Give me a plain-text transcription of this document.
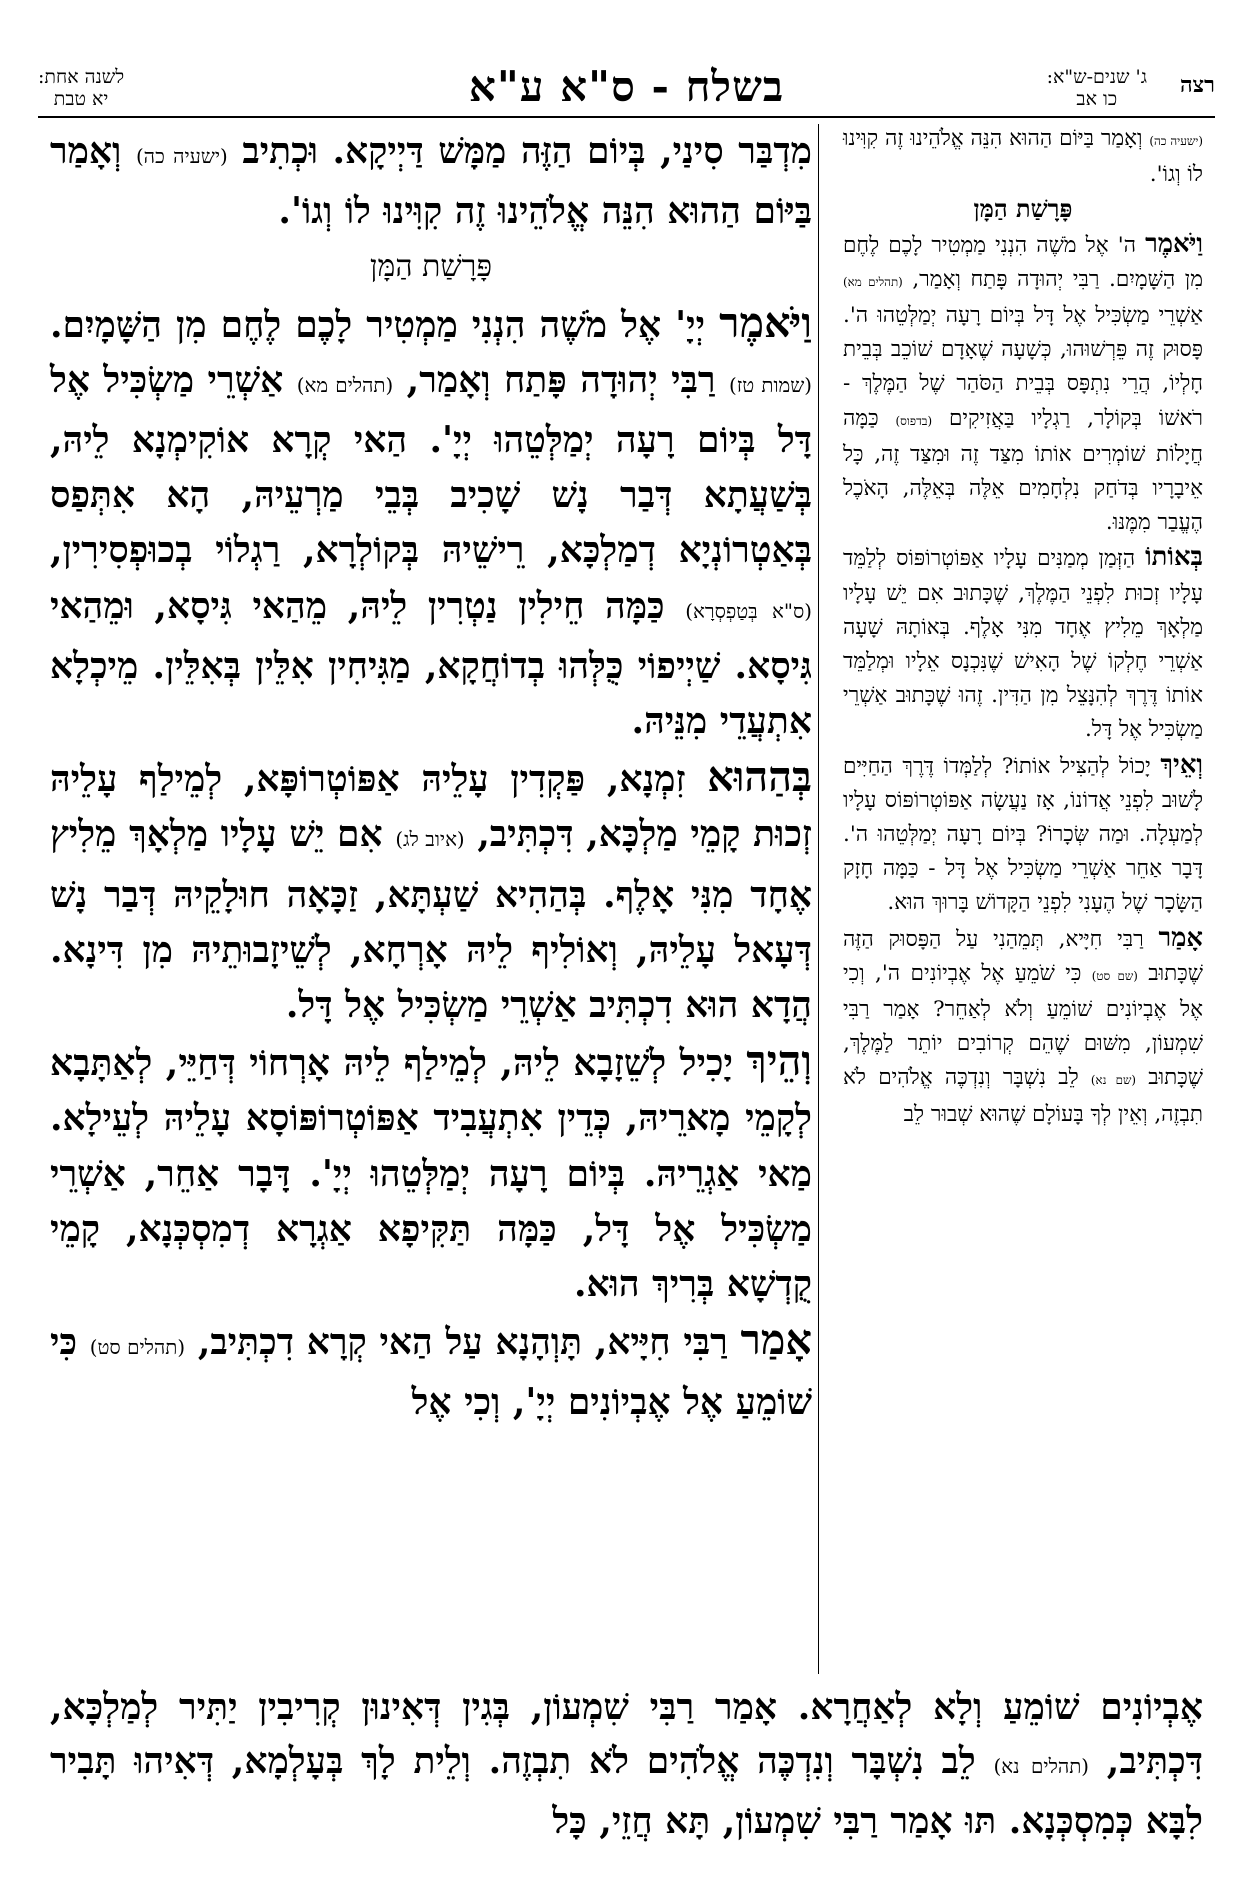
רצה
ג' שנים-ש"א:
כו אב
בשלח - ס"א ע"א
לשנה אחת:
יא טבת

(ישעיה כה) וְאָמַר בַּיּוֹם הַהוּא הִנֵּה אֱלֹהֵינוּ זֶה קִוִּינוּ לוֹ וְגוֹ'.

פָּרָשַׁת הַמָּן

וַיֹּאמֶר ה' אֶל מֹשֶׁה הִנְנִי מַמְטִיר לָכֶם לֶחֶם מִן הַשָּׁמָיִם. רַבִּי יְהוּדָה פָּתַח וְאָמַר, (תהלים מא) אַשְׁרֵי מַשְׂכִּיל אֶל דָּל בְּיוֹם רָעָה יְמַלְּטֵהוּ ה'. פָּסוּק זֶה פֵּרְשׁוּהוּ, כְּשָׁעָה שֶׁאָדָם שׁוֹכֵב בְּבֵית חָלְיוֹ, הֲרֵי נִתְפָּס בְּבֵית הַסֹּהַר שֶׁל הַמֶּלֶךְ - רֹאשׁוֹ בְּקוֹלָר, רַגְלָיו בַּאֲזִיקִים (בדפוס) כַּמָּה חֲיָלוֹת שׁוֹמְרִים אוֹתוֹ מִצַּד זֶה וּמִצַּד זֶה, כָּל אֵיבָרָיו בְּדֹחַק נִלְחָמִים אֵלֶּה בְּאֵלֶּה, הָאֹכֶל הֶעֱבַר מִמֶּנּוּ.

בְּאוֹתוֹ הַזְּמַן מְמַנִּים עָלָיו אַפּוֹטְרוֹפּוֹס לְלַמֵּד עָלָיו זְכוּת לִפְנֵי הַמֶּלֶךְ, שֶׁכָּתוּב אִם יֵשׁ עָלָיו מַלְאָךְ מֵלִיץ אֶחָד מִנִּי אָלֶף. בְּאוֹתָהּ שָׁעָה אַשְׁרֵי חֶלְקוֹ שֶׁל הָאִישׁ שֶׁנִּכְנָס אֵלָיו וּמְלַמֵּד אוֹתוֹ דֶּרֶךְ לְהִנָּצֵל מִן הַדִּין. זֶהוּ שֶׁכָּתוּב אַשְׁרֵי מַשְׂכִּיל אֶל דָּל.

וְאֵיךְ יָכוֹל לְהַצִּיל אוֹתוֹ? לְלַמְּדוֹ דֶּרֶךְ הַחַיִּים לָשׁוּב לִפְנֵי אֲדוֹנוֹ, אָז נַעֲשָׂה אַפּוֹטְרוֹפּוֹס עָלָיו לְמַעְלָה. וּמַה שְּׂכָרוֹ? בְּיוֹם רָעָה יְמַלְּטֵהוּ ה'. דָּבָר אַחֵר אַשְׁרֵי מַשְׂכִּיל אֶל דָּל - כַּמָּה חָזָק הַשָּׂכָר שֶׁל הֶעָנִי לִפְנֵי הַקָּדוֹשׁ בָּרוּךְ הוּא.

אָמַר רַבִּי חִיָּיא, תְּמֵהַנִי עַל הַפָּסוּק הַזֶּה שֶׁכָּתוּב (שם סט) כִּי שֹׁמֵעַ אֶל אֶבְיוֹנִים ה', וְכִי אֶל אֶבְיוֹנִים שׁוֹמֵעַ וְלֹא לְאַחֵר? אָמַר רַבִּי שִׁמְעוֹן, מִשּׁוּם שֶׁהֵם קְרוֹבִים יוֹתֵר לַמֶּלֶךְ, שֶׁכָּתוּב (שם נא) לֵב נִשְׁבָּר וְנִדְכֶּה אֱלֹהִים לֹא תִבְזֶה, וְאֵין לְךָ בָּעוֹלָם שֶׁהוּא שְׁבוּר לֵב

מִדְבַּר סִינַי, בְּיוֹם הַזֶּה מַמָּשׁ דַּיְיקָא. וּכְתִיב (ישעיה כה) וְאָמַר בַּיּוֹם הַהוּא הִנֵּה אֱלֹהֵינוּ זֶה קִוִּינוּ לוֹ וְגוֹ'.

פָּרָשַׁת הַמָּן

וַיֹּאמֶר יְיָ' אֶל מֹשֶׁה הִנְנִי מַמְטִיר לָכֶם לֶחֶם מִן הַשָּׁמָיִם. (שמות טז) רַבִּי יְהוּדָה פָּתַח וְאָמַר, (תהלים מא) אַשְׁרֵי מַשְׂכִּיל אֶל דָּל בְּיוֹם רָעָה יְמַלְּטֵהוּ יְיָ'. הַאי קְרָא אוֹקִימְנָא לֵיהּ, בְּשַׁעֲתָא דְּבַר נָשׁ שָׁכִיב בְּבֵי מַרְעֵיהּ, הָא אִתְּפַס בְּאַטְרוֹנְיָא דְמַלְכָּא, רֵישֵׁיהּ בְּקוֹלְרָא, רַגְלוֹי בְכוּפְסִירִין, (ס"א בְּטַפְסְרָא) כַּמָּה חֵילִין נַטְרִין לֵיהּ, מֵהַאי גִּיסָא, וּמֵהַאי גִּיסָא. שַׁיְיפוֹי כֻּלְּהוּ בְדוֹחֲקָא, מַגִּיחִין אִלֵּין בְּאִלֵּין. מֵיכְלָא אִתְעֲדֵי מִנֵּיהּ.

בְּהַהוּא זִמְנָא, פַּקְדִין עָלֵיהּ אַפּוֹטְרוֹפָּא, לְמֵילַף עָלֵיהּ זְכוּת קָמֵי מַלְכָּא, דִּכְתִּיב, (איוב לג) אִם יֵשׁ עָלָיו מַלְאָךְ מֵלִיץ אֶחָד מִנִּי אָלֶף. בְּהַהִיא שַׁעְתָּא, זַכָּאָה חוּלָקֵיהּ דְּבַר נָשׁ דְּעָאל עָלֵיהּ, וְאוֹלִיף לֵיהּ אָרְחָא, לְשֵׁיזָבוּתֵיהּ מִן דִּינָא. הֲדָא הוּא דִכְתִּיב אַשְׁרֵי מַשְׂכִּיל אֶל דָּל.

וְהֵיךְ יָכִיל לְשֵׁזָבָא לֵיהּ, לְמֵילַף לֵיהּ אָרְחוֹי דְּחַיֵּי, לְאַתָּבָא לְקָמֵי מָארֵיהּ, כְּדֵין אִתְעֲבִיד אַפּוֹטְרוֹפּוֹסָא עָלֵיהּ לְעֵילָא. מַאי אַגְרֵיהּ. בְּיוֹם רָעָה יְמַלְּטֵהוּ יְיָ'. דָּבָר אַחֵר, אַשְׁרֵי מַשְׂכִּיל אֶל דָּל, כַּמָּה תַּקִּיפָא אַגְרָא דְמִסְכְּנָא, קָמֵי קֻדְשָׁא בְּרִיךְ הוּא.

אָמַר רַבִּי חִיָּיא, תָּוְהָנָא עַל הַאי קְרָא דִכְתִּיב, (תהלים סט) כִּי שׁוֹמֵעַ אֶל אֶבְיוֹנִים יְיָ', וְכִי אֶל

אֶבְיוֹנִים שׁוֹמֵעַ וְלָא לְאַחֲרָא. אָמַר רַבִּי שִׁמְעוֹן, בְּגִין דְּאִינוּן קְרִיבִין יַתִּיר לְמַלְכָּא, דִּכְתִּיב, (תהלים נא) לֵב נִשְׁבָּר וְנִדְכֶּה אֱלֹהִים לֹא תִבְזֶה. וְלֵית לָךְ בְּעָלְמָא, דְּאִיהוּ תָּבִיר לִבָּא כְּמִסְכְּנָא. תּוּ אָמַר רַבִּי שִׁמְעוֹן, תָּא חֲזֵי, כָּל
